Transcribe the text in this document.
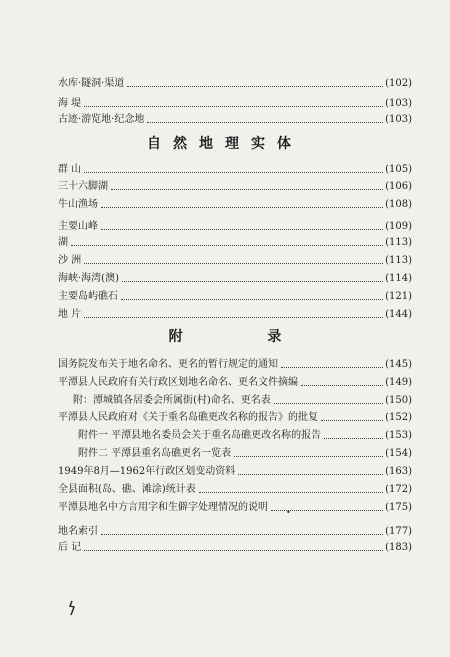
水库·隧洞·渠道	(102)
海 堤	(103)
古迹·游览地·纪念地	(103)
自然地理实体
群 山	(105)
三十六脚湖	(106)
牛山渔场	(108)
主要山峰	(109)
湖	(113)
沙 洲	(113)
海峡·海湾(澳)	(114)
主要岛屿礁石	(121)
地 片	(144)
附 录
国务院发布关于地名命名、更名的暂行规定的通知	(145)
平潭县人民政府有关行政区划地名命名、更名文件摘编	(149)
附：潭城镇各居委会所属街(村)命名、更名表	(150)
平潭县人民政府对《关于重名岛礁更改名称的报告》的批复	(152)
附件一 平潭县地名委员会关于重名岛礁更改名称的报告	(153)
附件二 平潭县重名岛礁更名一览表	(154)
1949年8月—1962年行政区划变动资料	(163)
全县面积(岛、礁、滩涂)统计表	(172)
平潭县地名中方言用字和生僻字处理情况的说明	(175)
•
地名索引	(177)
后 记	(183)
